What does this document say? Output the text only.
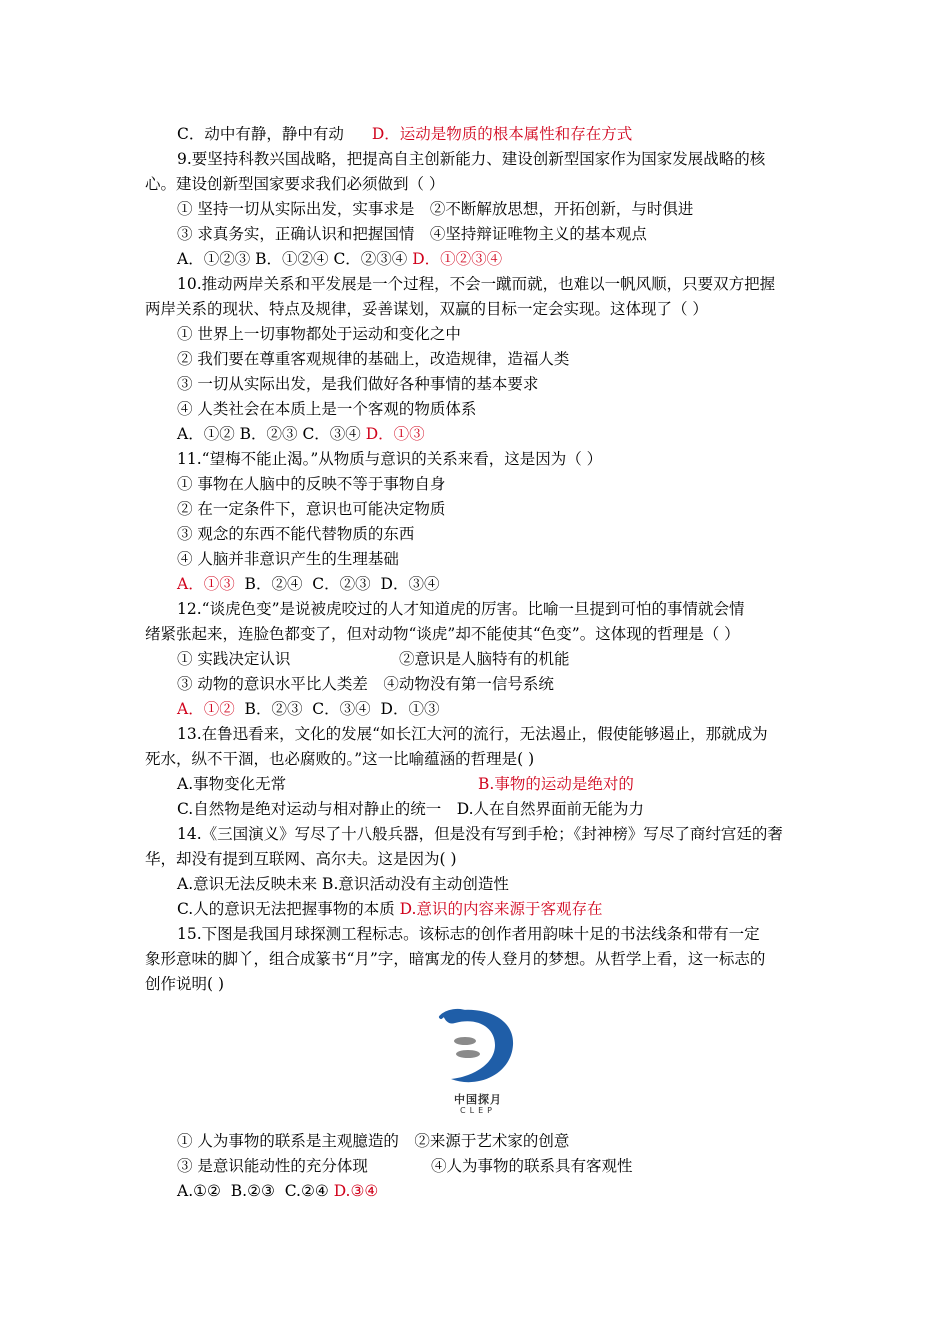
C．动中有静，静中有动 D．运动是物质的根本属性和存在方式
9.要坚持科教兴国战略，把提高自主创新能力、建设创新型国家作为国家发展战略的核
心。建设创新型国家要求我们必须做到（ ）
① 坚持一切从实际出发，实事求是　②不断解放思想，开拓创新，与时俱进
③ 求真务实，正确认识和把握国情　④坚持辩证唯物主义的基本观点
A．①②③ B．①②④ C．②③④ D．①②③④
10.推动两岸关系和平发展是一个过程，不会一蹴而就，也难以一帆风顺，只要双方把握
两岸关系的现状、特点及规律，妥善谋划，双赢的目标一定会实现。这体现了（ ）
① 世界上一切事物都处于运动和变化之中
② 我们要在尊重客观规律的基础上，改造规律，造福人类
③ 一切从实际出发，是我们做好各种事情的基本要求
④ 人类社会在本质上是一个客观的物质体系
A．①② B．②③ C．③④ D．①③
11.“望梅不能止渴。”从物质与意识的关系来看，这是因为（ ）
① 事物在人脑中的反映不等于事物自身
② 在一定条件下，意识也可能决定物质
③ 观念的东西不能代替物质的东西
④ 人脑并非意识产生的生理基础
A．①③  B．②④  C．②③  D．③④
12.“谈虎色变”是说被虎咬过的人才知道虎的厉害。比喻一旦提到可怕的事情就会情
绪紧张起来，连脸色都变了，但对动物“谈虎”却不能使其“色变”。这体现的哲理是（ ）
① 实践决定认识	②意识是人脑特有的机能
③ 动物的意识水平比人类差　④动物没有第一信号系统
A．①②  B．②③  C．③④  D．①③
13.在鲁迅看来，文化的发展“如长江大河的流行，无法遏止，假使能够遏止，那就成为
死水，纵不干涸，也必腐败的。”这一比喻蕴涵的哲理是( )
A.事物变化无常	B.事物的运动是绝对的
C.自然物是绝对运动与相对静止的统一　D.人在自然界面前无能为力
14.《三国演义》写尽了十八般兵器，但是没有写到手枪；《封神榜》写尽了商纣宫廷的奢
华，却没有提到互联网、高尔夫。这是因为( )
A.意识无法反映未来 B.意识活动没有主动创造性
C.人的意识无法把握事物的本质 D.意识的内容来源于客观存在
15.下图是我国月球探测工程标志。该标志的创作者用韵味十足的书法线条和带有一定
象形意味的脚丫，组合成篆书“月”字，暗寓龙的传人登月的梦想。从哲学上看，这一标志的
创作说明( )
中国探月
CLEP
① 人为事物的联系是主观臆造的　②来源于艺术家的创意
③ 是意识能动性的充分体现	④人为事物的联系具有客观性
A.①②  B.②③  C.②④ D.③④
